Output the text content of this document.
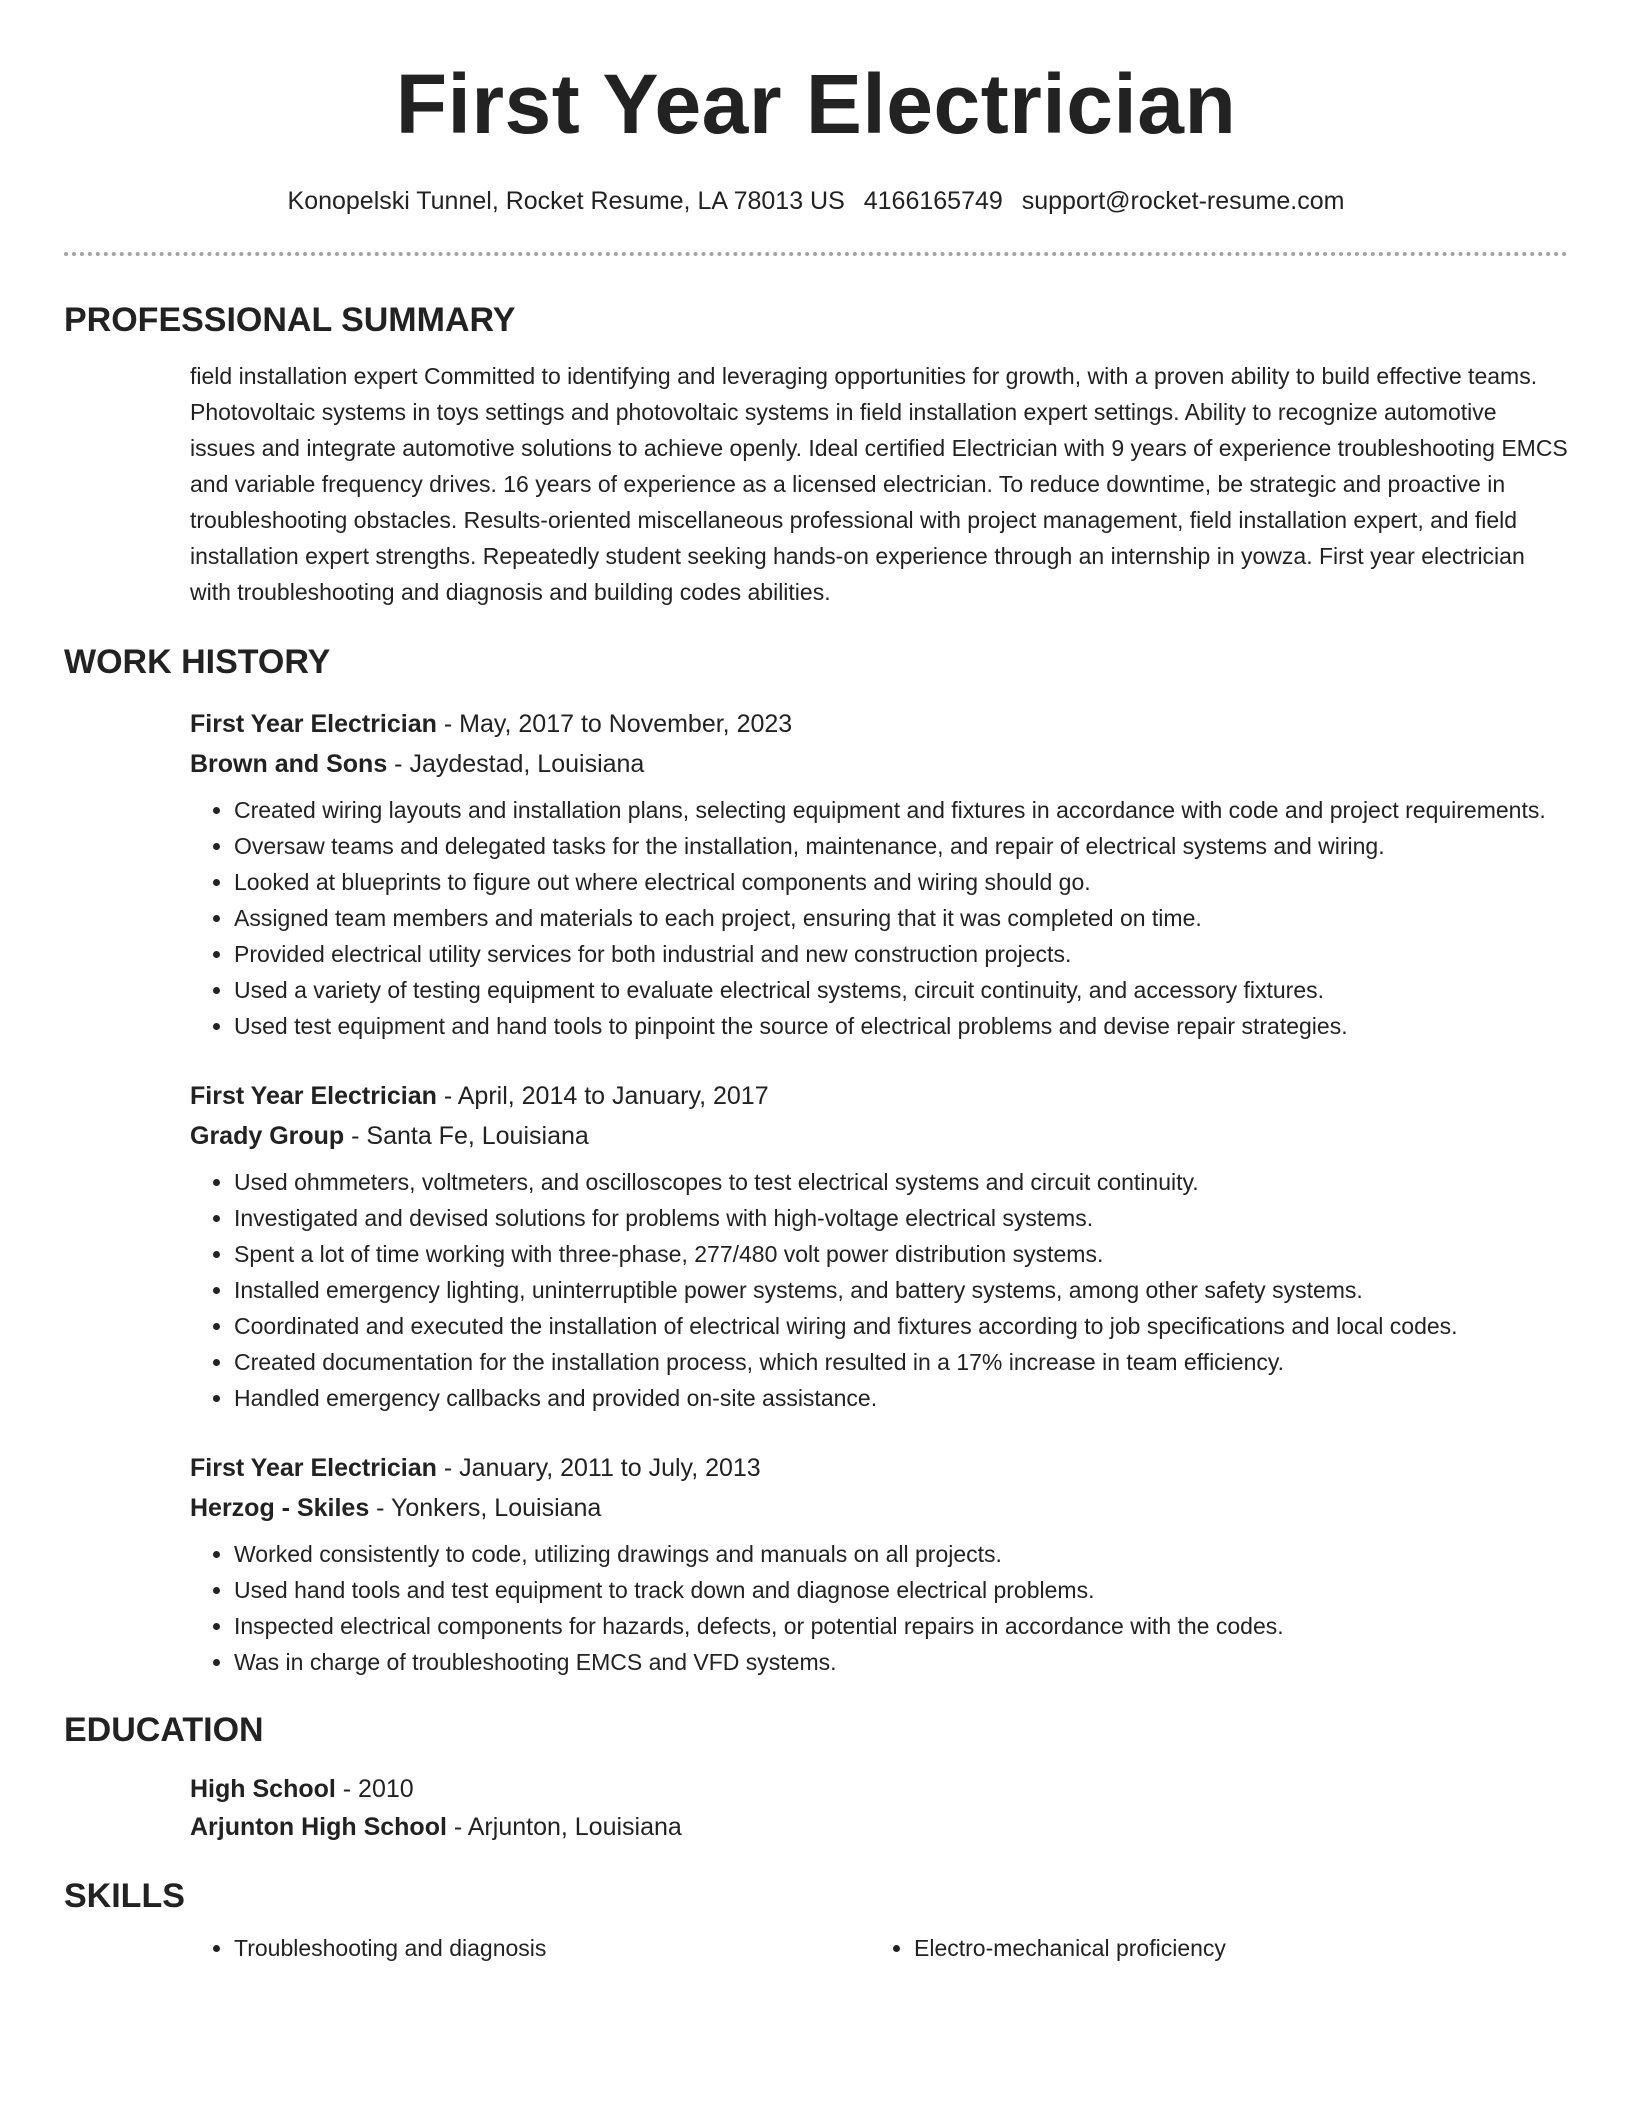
First Year Electrician
Konopelski Tunnel, Rocket Resume, LA 78013 US 4166165749 support@rocket-resume.com
PROFESSIONAL SUMMARY

field installation expert Committed to identifying and leveraging opportunities for growth, with a proven ability to build effective teams. Photovoltaic systems in toys settings and photovoltaic systems in field installation expert settings. Ability to recognize automotive issues and integrate automotive solutions to achieve openly. Ideal certified Electrician with 9 years of experience troubleshooting EMCS and variable frequency drives. 16 years of experience as a licensed electrician. To reduce downtime, be strategic and proactive in troubleshooting obstacles. Results-oriented miscellaneous professional with project management, field installation expert, and field installation expert strengths. Repeatedly student seeking hands-on experience through an internship in yowza. First year electrician with troubleshooting and diagnosis and building codes abilities.

WORK HISTORY

First Year Electrician - May, 2017 to November, 2023

Brown and Sons - Jaydestad, Louisiana

• Created wiring layouts and installation plans, selecting equipment and fixtures in accordance with code and project requirements.
• Oversaw teams and delegated tasks for the installation, maintenance, and repair of electrical systems and wiring.
• Looked at blueprints to figure out where electrical components and wiring should go.
• Assigned team members and materials to each project, ensuring that it was completed on time.
• Provided electrical utility services for both industrial and new construction projects.
• Used a variety of testing equipment to evaluate electrical systems, circuit continuity, and accessory fixtures.
• Used test equipment and hand tools to pinpoint the source of electrical problems and devise repair strategies.

First Year Electrician - April, 2014 to January, 2017

Grady Group - Santa Fe, Louisiana

• Used ohmmeters, voltmeters, and oscilloscopes to test electrical systems and circuit continuity.
• Investigated and devised solutions for problems with high-voltage electrical systems.
• Spent a lot of time working with three-phase, 277/480 volt power distribution systems.
• Installed emergency lighting, uninterruptible power systems, and battery systems, among other safety systems.
• Coordinated and executed the installation of electrical wiring and fixtures according to job specifications and local codes.
• Created documentation for the installation process, which resulted in a 17% increase in team efficiency.
• Handled emergency callbacks and provided on-site assistance.

First Year Electrician - January, 2011 to July, 2013

Herzog - Skiles - Yonkers, Louisiana

• Worked consistently to code, utilizing drawings and manuals on all projects.
• Used hand tools and test equipment to track down and diagnose electrical problems.
• Inspected electrical components for hazards, defects, or potential repairs in accordance with the codes.
• Was in charge of troubleshooting EMCS and VFD systems.
EDUCATION

High School - 2010

Arjunton High School - Arjunton, Louisiana

SKILLS
• Troubleshooting and diagnosis
•	Electro-mechanical proficiency
